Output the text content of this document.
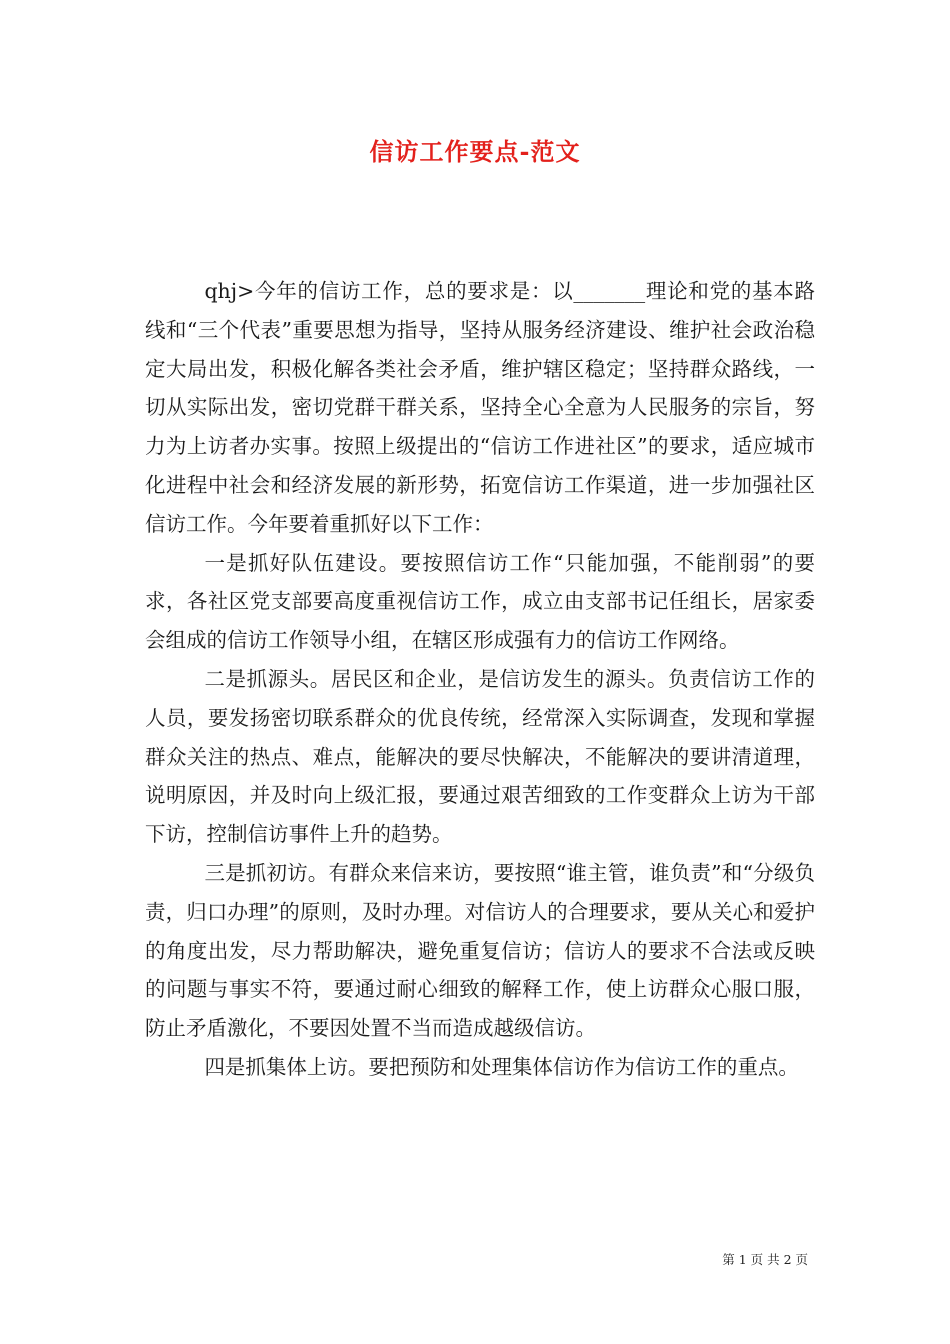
信访工作要点-范文

qhj>今年的信访工作，总的要求是：以_______理论和党的基本路线和“三个代表”重要思想为指导，坚持从服务经济建设、维护社会政治稳定大局出发，积极化解各类社会矛盾，维护辖区稳定；坚持群众路线，一切从实际出发，密切党群干群关系，坚持全心全意为人民服务的宗旨，努力为上访者办实事。按照上级提出的“信访工作进社区”的要求，适应城市化进程中社会和经济发展的新形势，拓宽信访工作渠道，进一步加强社区信访工作。今年要着重抓好以下工作：

一是抓好队伍建设。要按照信访工作“只能加强，不能削弱”的要求，各社区党支部要高度重视信访工作，成立由支部书记任组长，居家委会组成的信访工作领导小组，在辖区形成强有力的信访工作网络。

二是抓源头。居民区和企业，是信访发生的源头。负责信访工作的人员，要发扬密切联系群众的优良传统，经常深入实际调查，发现和掌握群众关注的热点、难点，能解决的要尽快解决，不能解决的要讲清道理，说明原因，并及时向上级汇报，要通过艰苦细致的工作变群众上访为干部下访，控制信访事件上升的趋势。

三是抓初访。有群众来信来访，要按照“谁主管，谁负责”和“分级负责，归口办理”的原则，及时办理。对信访人的合理要求，要从关心和爱护的角度出发，尽力帮助解决，避免重复信访；信访人的要求不合法或反映的问题与事实不符，要通过耐心细致的解释工作，使上访群众心服口服，防止矛盾激化，不要因处置不当而造成越级信访。

四是抓集体上访。要把预防和处理集体信访作为信访工作的重点。

第 1 页 共 2 页
